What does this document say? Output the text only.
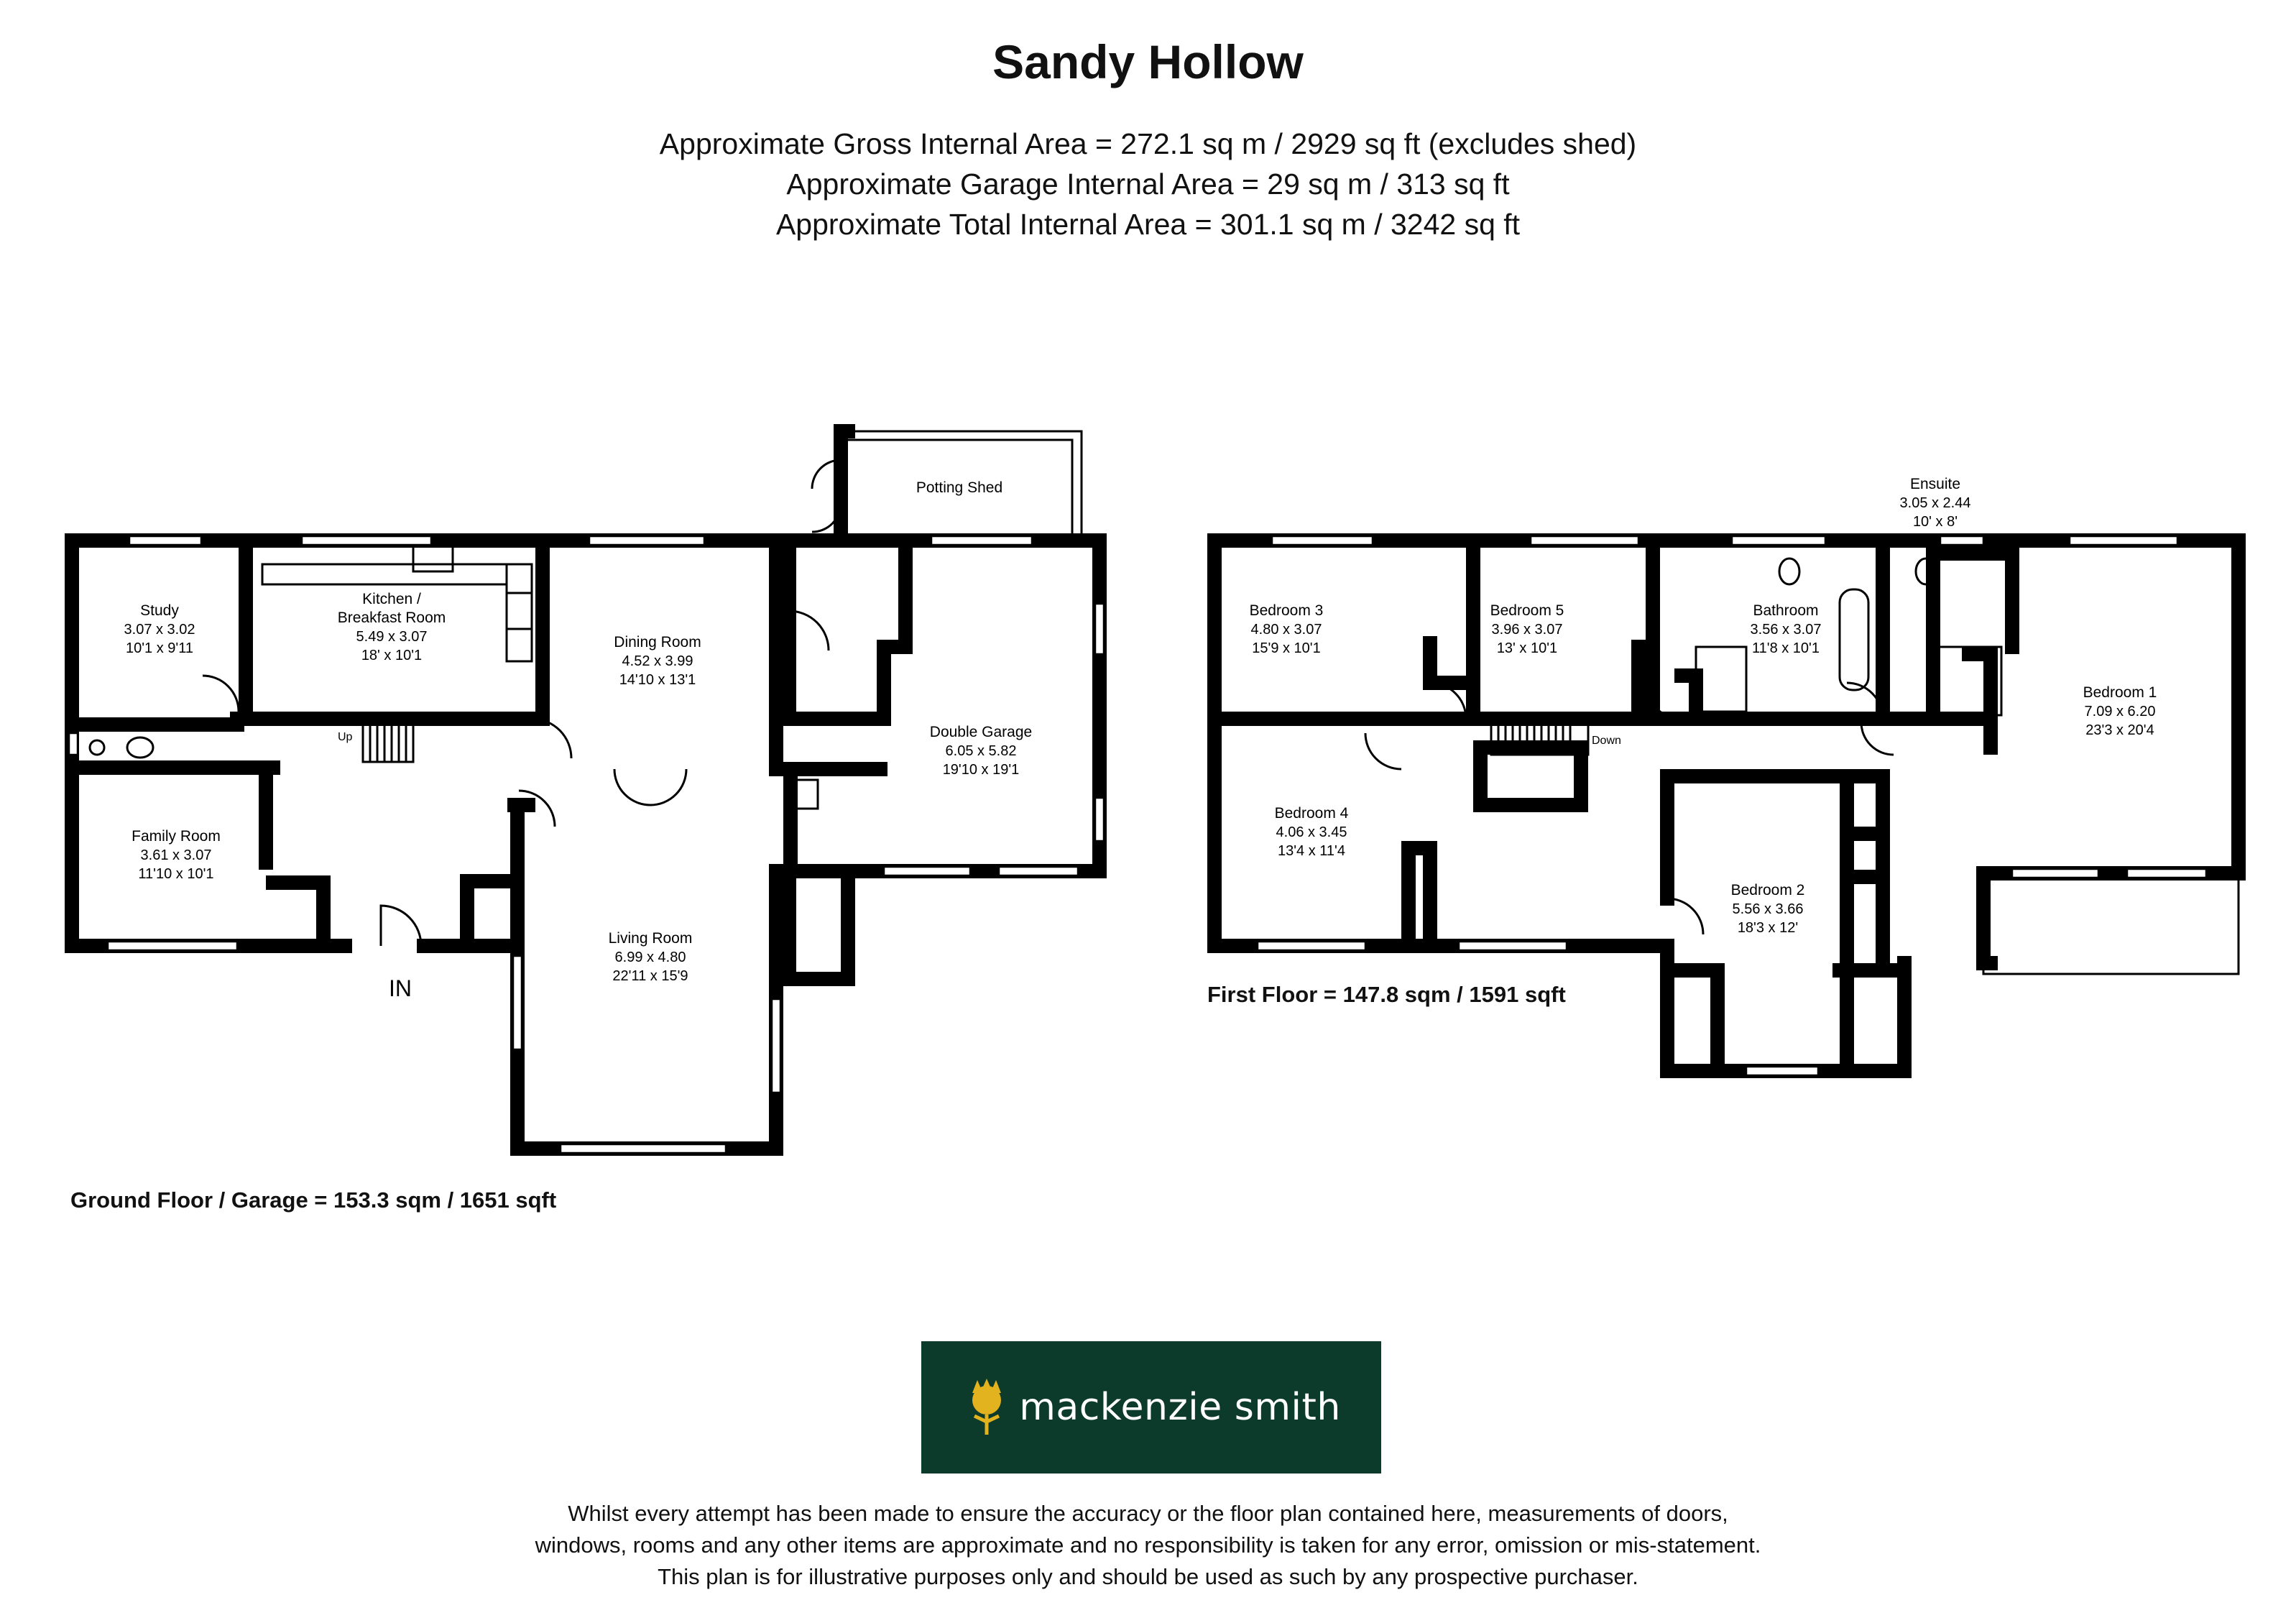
Sandy Hollow
Approximate Gross Internal Area = 272.1 sq m / 2929 sq ft (excludes shed)
Approximate Garage Internal Area = 29 sq m / 313 sq ft
Approximate Total Internal Area = 301.1 sq m / 3242 sq ft
Up
Study
3.07 x 3.02
10'1 x 9'11
Kitchen /
Breakfast Room
5.49 x 3.07
18' x 10'1
Dining Room
4.52 x 3.99
14'10 x 13'1
Potting Shed
Double Garage
6.05 x 5.82
19'10 x 19'1
Family Room
3.61 x 3.07
11'10 x 10'1
Living Room
6.99 x 4.80
22'11 x 15'9
IN
Down
Bedroom 3
4.80 x 3.07
15'9 x 10'1
Bedroom 5
3.96 x 3.07
13' x 10'1
Bathroom
3.56 x 3.07
11'8 x 10'1
Ensuite
3.05 x 2.44
10' x 8'
Bedroom 1
7.09 x 6.20
23'3 x 20'4
Bedroom 4
4.06 x 3.45
13'4 x 11'4
Bedroom 2
5.56 x 3.66
18'3 x 12'
Ground Floor / Garage = 153.3 sqm / 1651 sqft
First Floor = 147.8 sqm / 1591 sqft
mackenzie smith
Whilst every attempt has been made to ensure the accuracy or the floor plan contained here, measurements of doors,
windows, rooms and any other items are approximate and no responsibility is taken for any error, omission or mis-statement.
This plan is for illustrative purposes only and should be used as such by any prospective purchaser.
